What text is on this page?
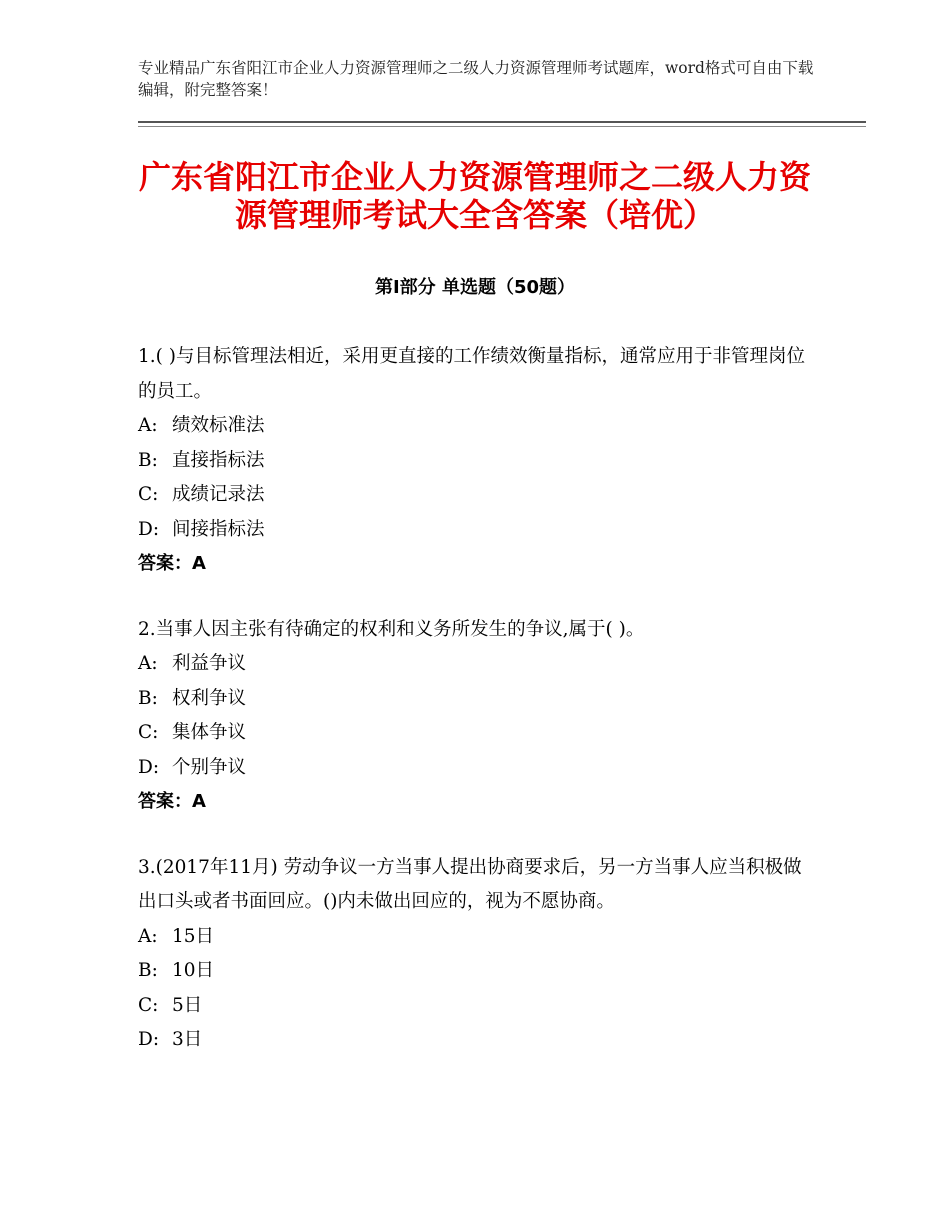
专业精品广东省阳江市企业人力资源管理师之二级人力资源管理师考试题库，word格式可自由下载编辑，附完整答案！
广东省阳江市企业人力资源管理师之二级人力资源管理师考试大全含答案（培优）
第Ⅰ部分 单选题（50题）
1.( )与目标管理法相近，采用更直接的工作绩效衡量指标，通常应用于非管理岗位的员工。
A: 绩效标准法
B: 直接指标法
C: 成绩记录法
D: 间接指标法
答案：A
2.当事人因主张有待确定的权利和义务所发生的争议,属于( )。
A: 利益争议
B: 权利争议
C: 集体争议
D: 个别争议
答案：A
3.(2017年11月) 劳动争议一方当事人提出协商要求后，另一方当事人应当积极做出口头或者书面回应。()内未做出回应的，视为不愿协商。
A: 15日
B: 10日
C: 5日
D: 3日
